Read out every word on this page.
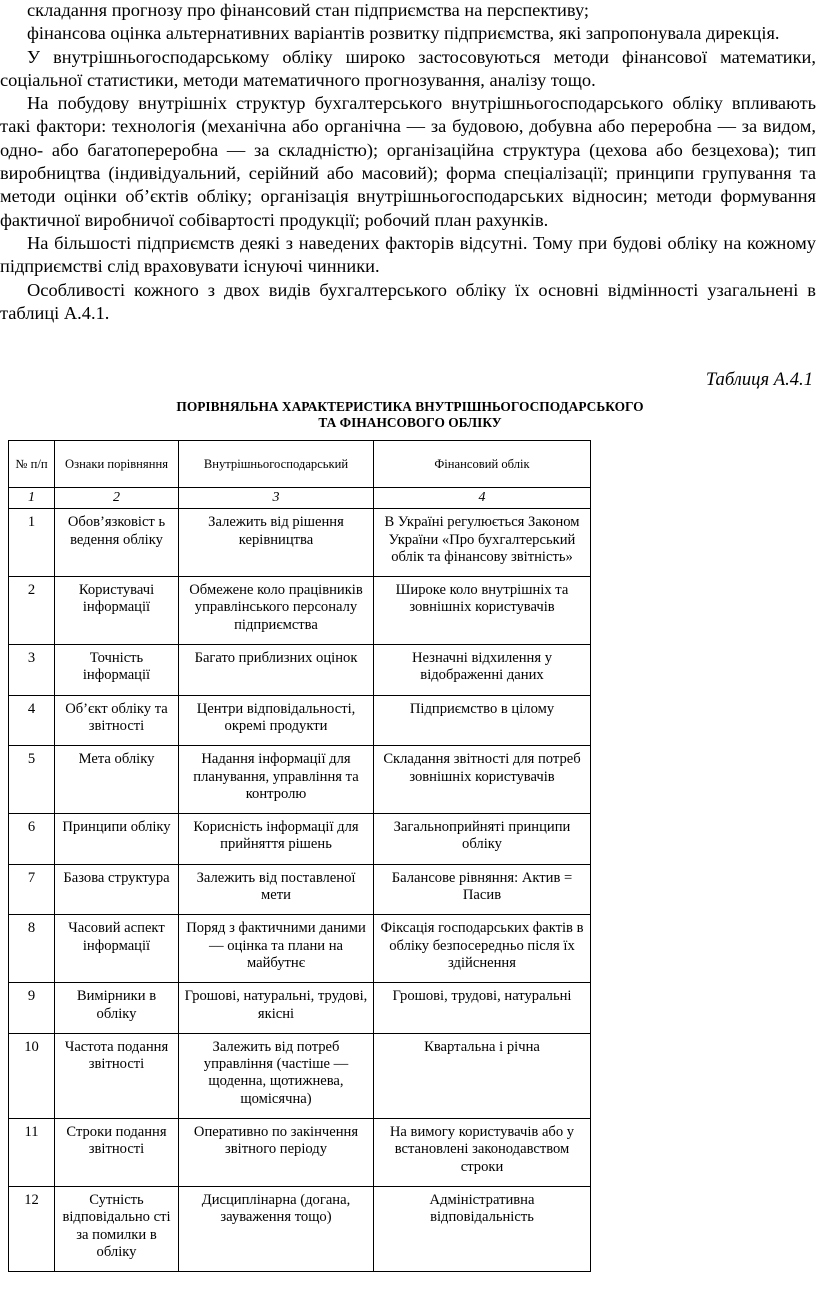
складання прогнозу про фінансовий стан підприємства на перспективу;

фінансова оцінка альтернативних варіантів розвитку підприємства, які запропонувала дирекція.

У внутрішньогосподарському обліку широко застосовуються методи фінансової математики, соціальної статистики, методи математичного прогнозування, аналізу тощо.

На побудову внутрішніх структур бухгалтерського внутрішньогосподарського обліку впливають такі фактори: технологія (механічна або органічна — за будовою, добувна або переробна — за видом, одно- або багатопереробна — за складністю); організаційна структура (цехова або безцехова); тип виробництва (індивідуальний, серійний або масовий); форма спеціалізації; принципи групування та методи оцінки об’єктів обліку; організація внутрішньогосподарських відносин; методи формування фактичної виробничої собівартості продукції; робочий план рахунків.

На більшості підприємств деякі з наведених факторів відсутні. Тому при будові обліку на кожному підприємстві слід враховувати існуючі чинники.

Особливості кожного з двох видів бухгалтерського обліку їх основні відмінності узагальнені в таблиці А.4.1.

Таблиця А.4.1
ПОРІВНЯЛЬНА ХАРАКТЕРИСТИКА ВНУТРІШНЬОГОСПОДАРСЬКОГО
ТА ФІНАНСОВОГО ОБЛІКУ
№ п/п	Ознаки порівняння	Внутрішньогосподарський	Фінансовий облік
1	2	3	4
1	Обов’язковіст ь ведення обліку	Залежить від рішення керівництва	В Україні регулюється Законом України «Про бухгалтерський облік та фінансову звітність»
2	Користувачі інформації	Обмежене коло працівників управлінського персоналу підприємства	Широке коло внутрішніх та зовнішніх користувачів
3	Точність інформації	Багато приблизних оцінок	Незначні відхилення у відображенні даних
4	Об’єкт обліку та звітності	Центри відповідальності, окремі продукти	Підприємство в цілому
5	Мета обліку	Надання інформації для планування, управління та контролю	Складання звітності для потреб зовнішніх користувачів
6	Принципи обліку	Корисність інформації для прийняття рішень	Загальноприйняті принципи обліку
7	Базова структура	Залежить від поставленої мети	Балансове рівняння: Актив = Пасив
8	Часовий аспект інформації	Поряд з фактичними даними — оцінка та плани на майбутнє	Фіксація господарських фактів в обліку безпосередньо після їх здійснення
9	Вимірники в обліку	Грошові, натуральні, трудові, якісні	Грошові, трудові, натуральні
10	Частота подання звітності	Залежить від потреб управління (частіше — щоденна, щотижнева, щомісячна)	Квартальна і річна
11	Строки подання звітності	Оперативно по закінчення звітного періоду	На вимогу користувачів або у встановлені законодавством строки
12	Сутність відповідально сті за помилки в обліку	Дисциплінарна (догана, зауваження тощо)	Адміністративна відповідальність
